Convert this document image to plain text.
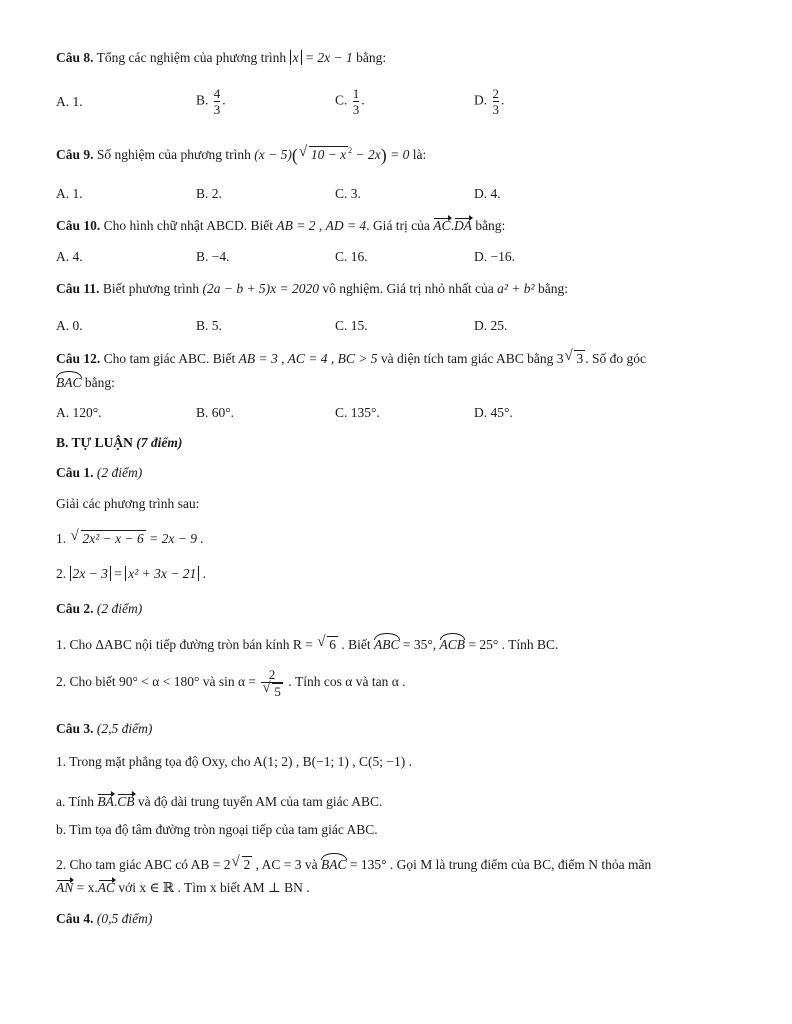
Câu 8. Tổng các nghiệm của phương trình x = 2x − 1 bằng:
A. 1.	B. $\frac{4}{3}$ .	C. $\frac{1}{3}$ .	D. $\frac{2}{3}$ .
Câu 9. Số nghiệm của phương trình (x − 5)( √ 10 − x $^2$ − 2x) = 0 là:
A. 1.	B. 2.	C. 3.	D. 4.
Câu 10. Cho hình chữ nhật ABCD. Biết AB = 2 , AD = 4. Giá trị của AC.DA bằng:
A. 4.	B. −4.	C. 16.	D. −16.
Câu 11. Biết phương trình (2a − b + 5)x = 2020 vô nghiệm. Giá trị nhỏ nhất của a² + b² bằng:
A. 0.	B. 5.	C. 15.	D. 25.
Câu 12. Cho tam giác ABC. Biết AB = 3 , AC = 4 , BC > 5 và diện tích tam giác ABC bằng 3 √ 3 . Số đo góc
BAC bằng:
A. 120°.	B. 60°.	C. 135°.	D. 45°.
B. TỰ LUẬN (7 điểm)
Câu 1. (2 điểm)
Giải các phương trình sau:
1. √ 2x² − x − 6 = 2x − 9 .
2. 2x − 3 = x² + 3x − 21 .
Câu 2. (2 điểm)
1. Cho ΔABC nội tiếp đường tròn bán kính R = √ 6 . Biết ABC = 35°, ACB = 25° . Tính BC.
2. Cho biết 90° < α < 180° và sin α = 2
√ 5 . Tính cos α và tan α .
Câu 3. (2,5 điểm)
1. Trong mặt phẳng tọa độ Oxy, cho A(1; 2) , B(−1; 1) , C(5; −1) .
a. Tính BA.CB và độ dài trung tuyến AM của tam giác ABC.
b. Tìm tọa độ tâm đường tròn ngoại tiếp của tam giác ABC.
2. Cho tam giác ABC có AB = 2 √ 2 , AC = 3 và BAC = 135° . Gọi M là trung điểm của BC, điểm N thỏa mãn
AN = x.AC với x ∈ ℝ . Tìm x biết AM ⊥ BN .
Câu 4. (0,5 điểm)
